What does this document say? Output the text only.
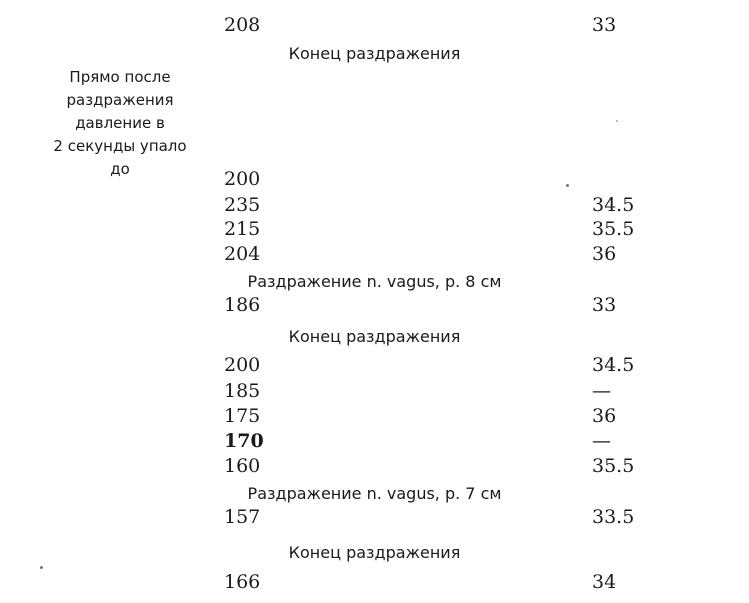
Прямо после
раздражения
давление в
2 секунды упало
до
208	33
Конец раздражения
200
235	34.5
215	35.5
204	36
Раздражение n. vagus, p. 8 см
186	33
Конец раздражения
200	34.5
185	—
175	36
170	—
160	35.5
Раздражение n. vagus, p. 7 см
157	33.5
Конец раздражения
166	34
